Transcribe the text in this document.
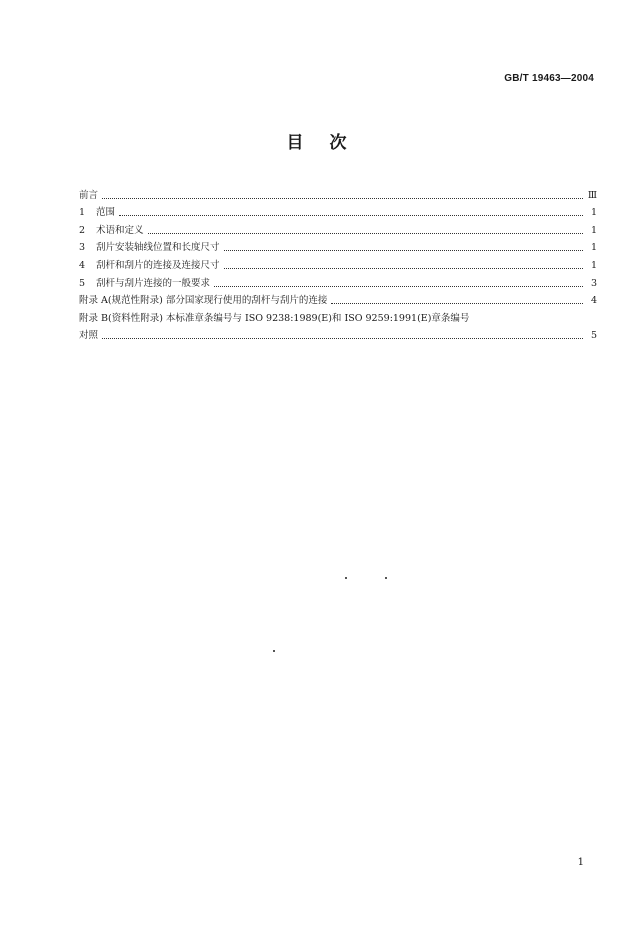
GB/T 19463—2004
目次
前言	Ⅲ
1	范围	1
2	术语和定义	1
3	刮片安装轴线位置和长度尺寸	1
4	刮杆和刮片的连接及连接尺寸	1
5	刮杆与刮片连接的一般要求	3
附录 A(规范性附录) 部分国家现行使用的刮杆与刮片的连接	4
附录 B(资料性附录) 本标准章条编号与 ISO 9238:1989(E)和 ISO 9259:1991(E)章条编号
对照	5
1
